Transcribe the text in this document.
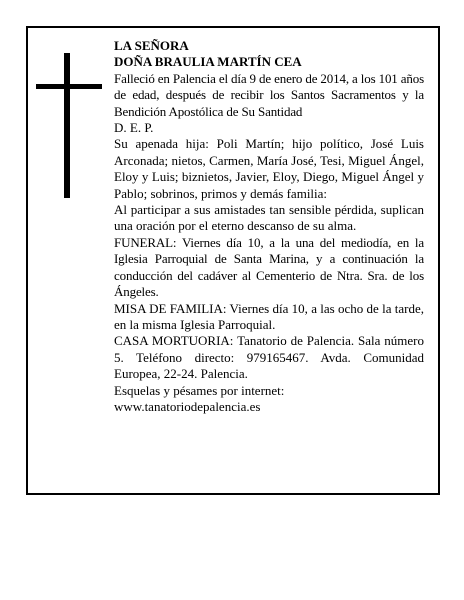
LA SEÑORA

DOÑA BRAULIA MARTÍN CEA

Falleció en Palencia el día 9 de enero de 2014, a los 101 años de edad, después de recibir los Santos Sacramentos y la Bendición Apostólica de Su Santidad

D. E. P.

Su apenada hija: Poli Martín; hijo político, José Luis Arconada; nietos, Carmen, María José, Tesi, Miguel Ángel, Eloy y Luis; biznietos, Javier, Eloy, Diego, Miguel Ángel y Pablo; sobrinos, primos y demás familia:

Al participar a sus amistades tan sensible pérdida, suplican una oración por el eterno descanso de su alma.

FUNERAL: Viernes día 10, a la una del mediodía, en la Iglesia Parroquial de Santa Marina, y a continuación la conducción del cadáver al Cementerio de Ntra. Sra. de los Ángeles.

MISA DE FAMILIA: Viernes día 10, a las ocho de la tarde, en la misma Iglesia Parroquial.

CASA MORTUORIA: Tanatorio de Palencia. Sala número 5. Teléfono directo: 979165467. Avda. Comunidad Europea, 22-24. Palencia.

Esquelas y pésames por internet:

www.tanatoriodepalencia.es
